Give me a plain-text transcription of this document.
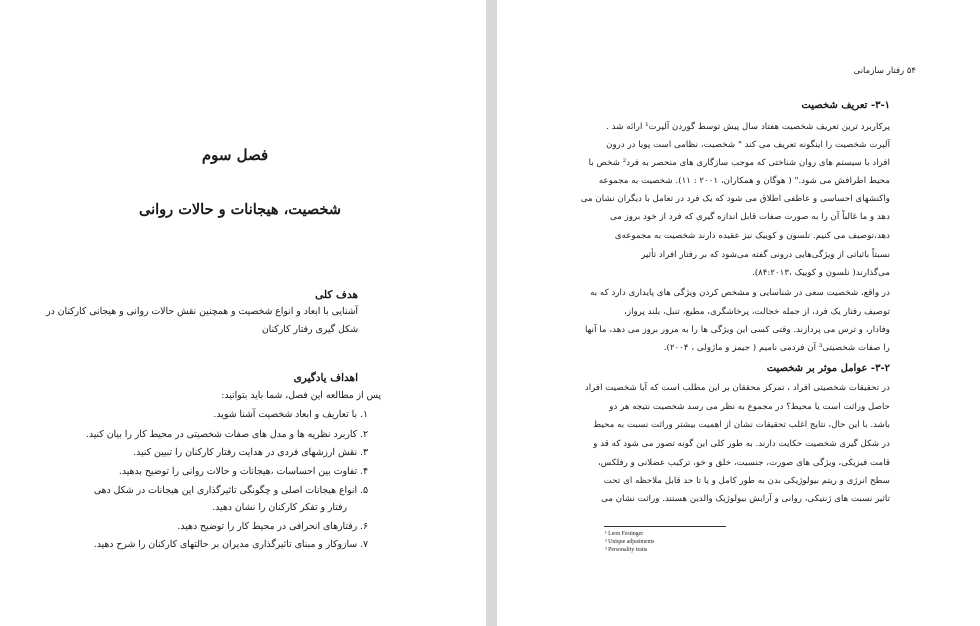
فصل سوم
شخصیت، هیجانات و حالات روانی
هدف کلی
آشنایی با ابعاد و انواع شخصیت و همچنین نقش حالات روانی و هیجانی کارکنان در
شکل گیری رفتار کارکنان
اهداف یادگیری
پس از مطالعه این فصل، شما باید بتوانید:
۱. با تعاریف و ابعاد شخصیت آشنا شوید.
۲. کاربرد نظریه ها و مدل های صفات شخصیتی در محیط کار را بیان کنید.
۳. نقش ارزشهای فردی در هدایت رفتار کارکنان را تبیین کنید.
۴. تفاوت بین احساسات ،هیجانات و حالات روانی را توضیح بدهید.
۵. انواع هیجانات اصلی و چگونگی تاثیرگذاری این هیجانات در شکل دهی
رفتار و تفکر کارکنان را نشان دهید.
۶. رفتارهای انحرافی در محیط کار را توضیح دهید.
۷. سازوکار و مبنای تاثیرگذاری مدیران بر حالتهای کارکنان را شرح دهید.
۵۴ رفتار سازمانی
۳-۱- تعریف شخصیت
پرکاربرد ترین تعریف شخصیت هفتاد سال پیش توسط گوردن آلپرت¹ ارائه شد .
آلپرت شخصیت را اینگونه تعریف می کند " شخصیت، نظامی است پویا در درون
افراد با سیستم های روان شناختی که موجب سازگاری های منحصر به فرد² شخص با
محیط اطرافش می شود." ( هوگان و همکاران، ۲۰۰۱ : ۱۱). شخصیت به مجموعه
واکنشهای احساسی و عاطفی اطلاق می شود که یک فرد در تعامل با دیگران نشان می
دهد و ما غالباً آن را به صورت صفات قابل اندازه گیری که فرد از خود بروز می
دهد،توصیف می کنیم. نلسون و کوییک نیز عقیده دارند شخصیت به مجموعه‌ی
نسبتاً باثباتی از ویژگی‌هایی درونی گفته می‌شود که بر رفتار افراد تأثیر
می‌گذارند( نلسون و کوییک ،۸۴:۲۰۱۳).
در واقع، شخصیت سعی در شناسایی و مشخص کردن ویژگی های پایداری دارد که به
توصیف رفتار یک فرد، از جمله خجالت، پرخاشگری، مطیع، تنبل، بلند پرواز،
وفادار، و ترس می پردازند. وقتی کسی این ویژگی ها را به مرور بروز می دهد، ما آنها
را صفات شخصیتی³ آن فردمی نامیم ( جیمز و ماژولی ، ۲۰۰۴).
۳-۲- عوامل موثر بر شخصیت
در تحقیقات شخصیتی افراد ، تمرکز محققان بر این مطلب است که آیا شخصیت افراد
حاصل وراثت است یا محیط؟ در مجموع به نظر می رسد شخصیت نتیجه هر دو
باشد. با این حال، نتایج اغلب تحقیقات نشان از اهمیت بیشتر وراثت نسبت به محیط
در شکل گیری شخصیت حکایت دارند. به طور کلی این گونه تصور می شود که قد و
قامت فیزیکی، ویژگی های صورت، جنسیت، خلق و خو، ترکیب عضلانی و رفلکس،
سطح انرژی و ریتم بیولوژیکی بدن به طور کامل و یا تا حد قابل ملاحظه ای تحت
تاثیر نسبت های ژنتیکی، روانی و آرایش بیولوژیک والدین هستند. وراثت نشان می
¹ Leon Festinger
² Unique adjustments
³ Personality traits
